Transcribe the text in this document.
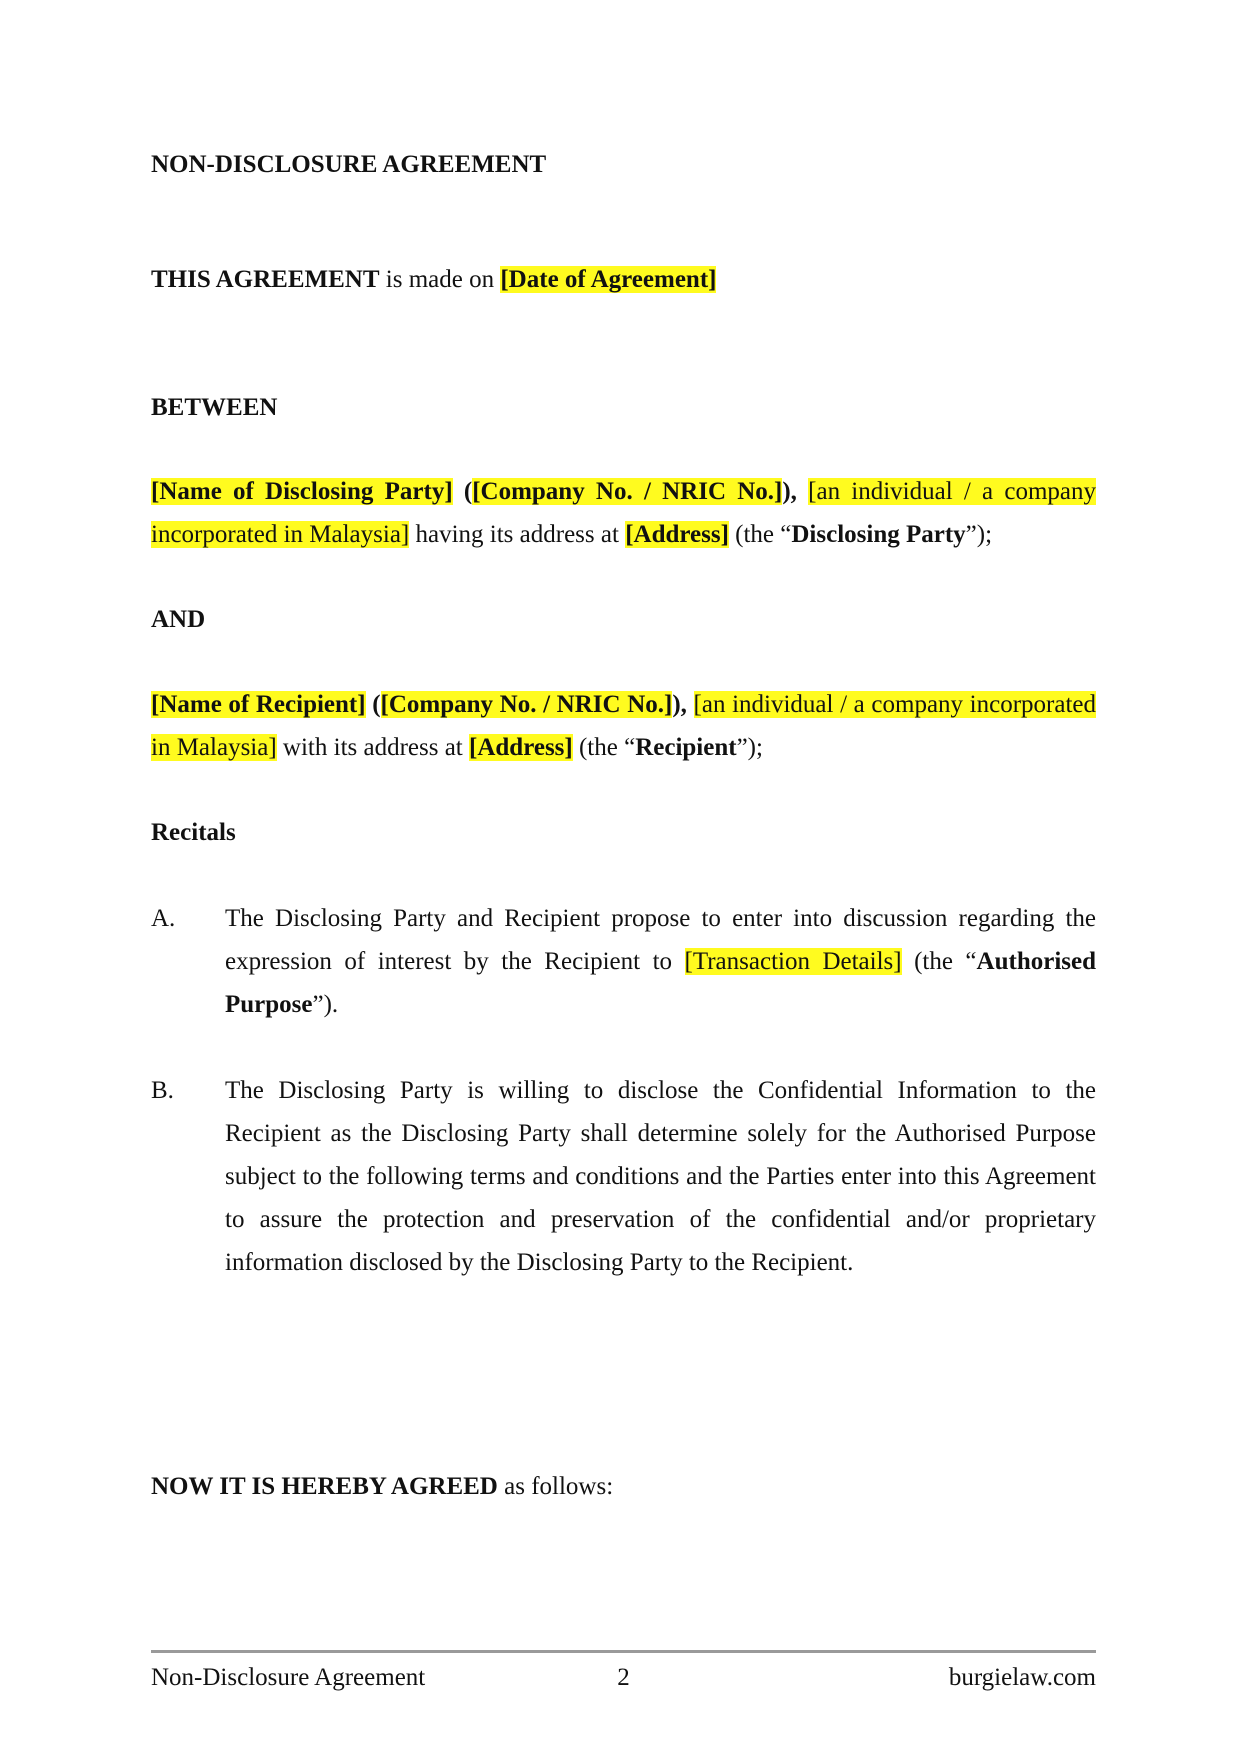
NON-DISCLOSURE AGREEMENT

THIS AGREEMENT is made on [Date of Agreement]

BETWEEN

[Name of Disclosing Party] ([Company No. / NRIC No.]), [an individual / a company incorporated in Malaysia] having its address at [Address] (the “Disclosing Party”);

AND

[Name of Recipient] ([Company No. / NRIC No.]), [an individual / a company incorporated in Malaysia] with its address at [Address] (the “Recipient”);

Recitals

A. The Disclosing Party and Recipient propose to enter into discussion regarding the expression of interest by the Recipient to [Transaction Details] (the “Authorised Purpose”).

B. The Disclosing Party is willing to disclose the Confidential Information to the Recipient as the Disclosing Party shall determine solely for the Authorised Purpose subject to the following terms and conditions and the Parties enter into this Agreement to assure the protection and preservation of the confidential and/or proprietary information disclosed by the Disclosing Party to the Recipient.

NOW IT IS HEREBY AGREED as follows:

Non-Disclosure Agreement	2	burgielaw.com
